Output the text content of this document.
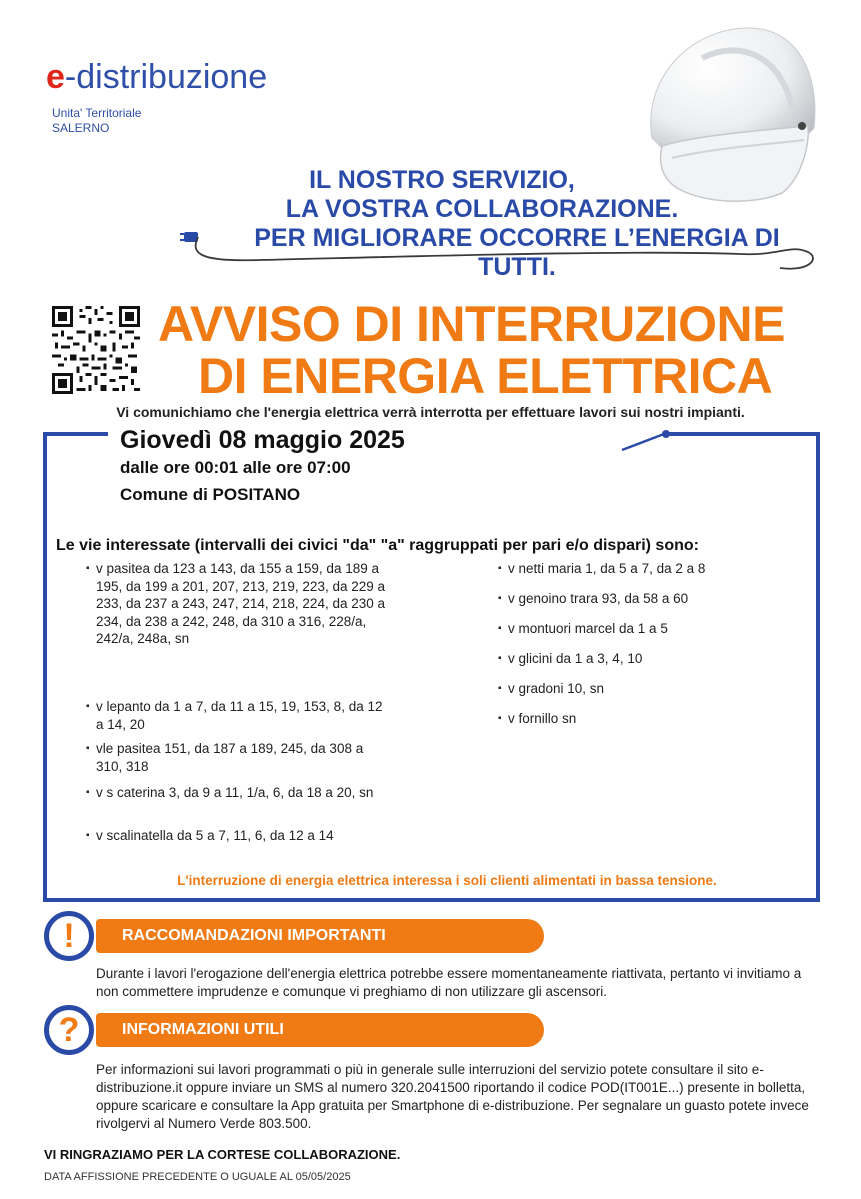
e-distribuzione
Unita' Territoriale
SALERNO
IL NOSTRO SERVIZIO,
LA VOSTRA COLLABORAZIONE.
PER MIGLIORARE OCCORRE L’ENERGIA DI TUTTI.
AVVISO DI INTERRUZIONE
DI ENERGIA ELETTRICA
Vi comunichiamo che l'energia elettrica verrà interrotta per effettuare lavori sui nostri impianti.
Giovedì 08 maggio 2025
dalle ore 00:01 alle ore 07:00
Comune di POSITANO
Le vie interessate (intervalli dei civici "da" "a" raggruppati per pari e/o dispari) sono:
▪ v pasitea da 123 a 143, da 155 a 159, da 189 a 195, da 199 a 201, 207, 213, 219, 223, da 229 a 233, da 237 a 243, 247, 214, 218, 224, da 230 a 234, da 238 a 242, 248, da 310 a 316, 228/a, 242/a, 248a, sn
▪ v lepanto da 1 a 7, da 11 a 15, 19, 153, 8, da 12 a 14, 20
▪ vle pasitea 151, da 187 a 189, 245, da 308 a 310, 318
▪ v s caterina 3, da 9 a 11, 1/a, 6, da 18 a 20, sn
▪ v scalinatella da 5 a 7, 11, 6, da 12 a 14
▪ v netti maria 1, da 5 a 7, da 2 a 8
▪ v genoino trara 93, da 58 a 60
▪ v montuori marcel da 1 a 5
▪ v glicini da 1 a 3, 4, 10
▪ v gradoni 10, sn
▪ v fornillo sn
L'interruzione di energia elettrica interessa i soli clienti alimentati in bassa tensione.
RACCOMANDAZIONI IMPORTANTI
!
Durante i lavori l'erogazione dell'energia elettrica potrebbe essere momentaneamente riattivata, pertanto vi invitiamo a non commettere imprudenze e comunque vi preghiamo di non utilizzare gli ascensori.
INFORMAZIONI UTILI
?
Per informazioni sui lavori programmati o più in generale sulle interruzioni del servizio potete consultare il sito e-distribuzione.it oppure inviare un SMS al numero 320.2041500 riportando il codice POD(IT001E...) presente in bolletta, oppure scaricare e consultare la App gratuita per Smartphone di e-distribuzione. Per segnalare un guasto potete invece rivolgervi al Numero Verde 803.500.
VI RINGRAZIAMO PER LA CORTESE COLLABORAZIONE.
DATA AFFISSIONE PRECEDENTE O UGUALE AL 05/05/2025
